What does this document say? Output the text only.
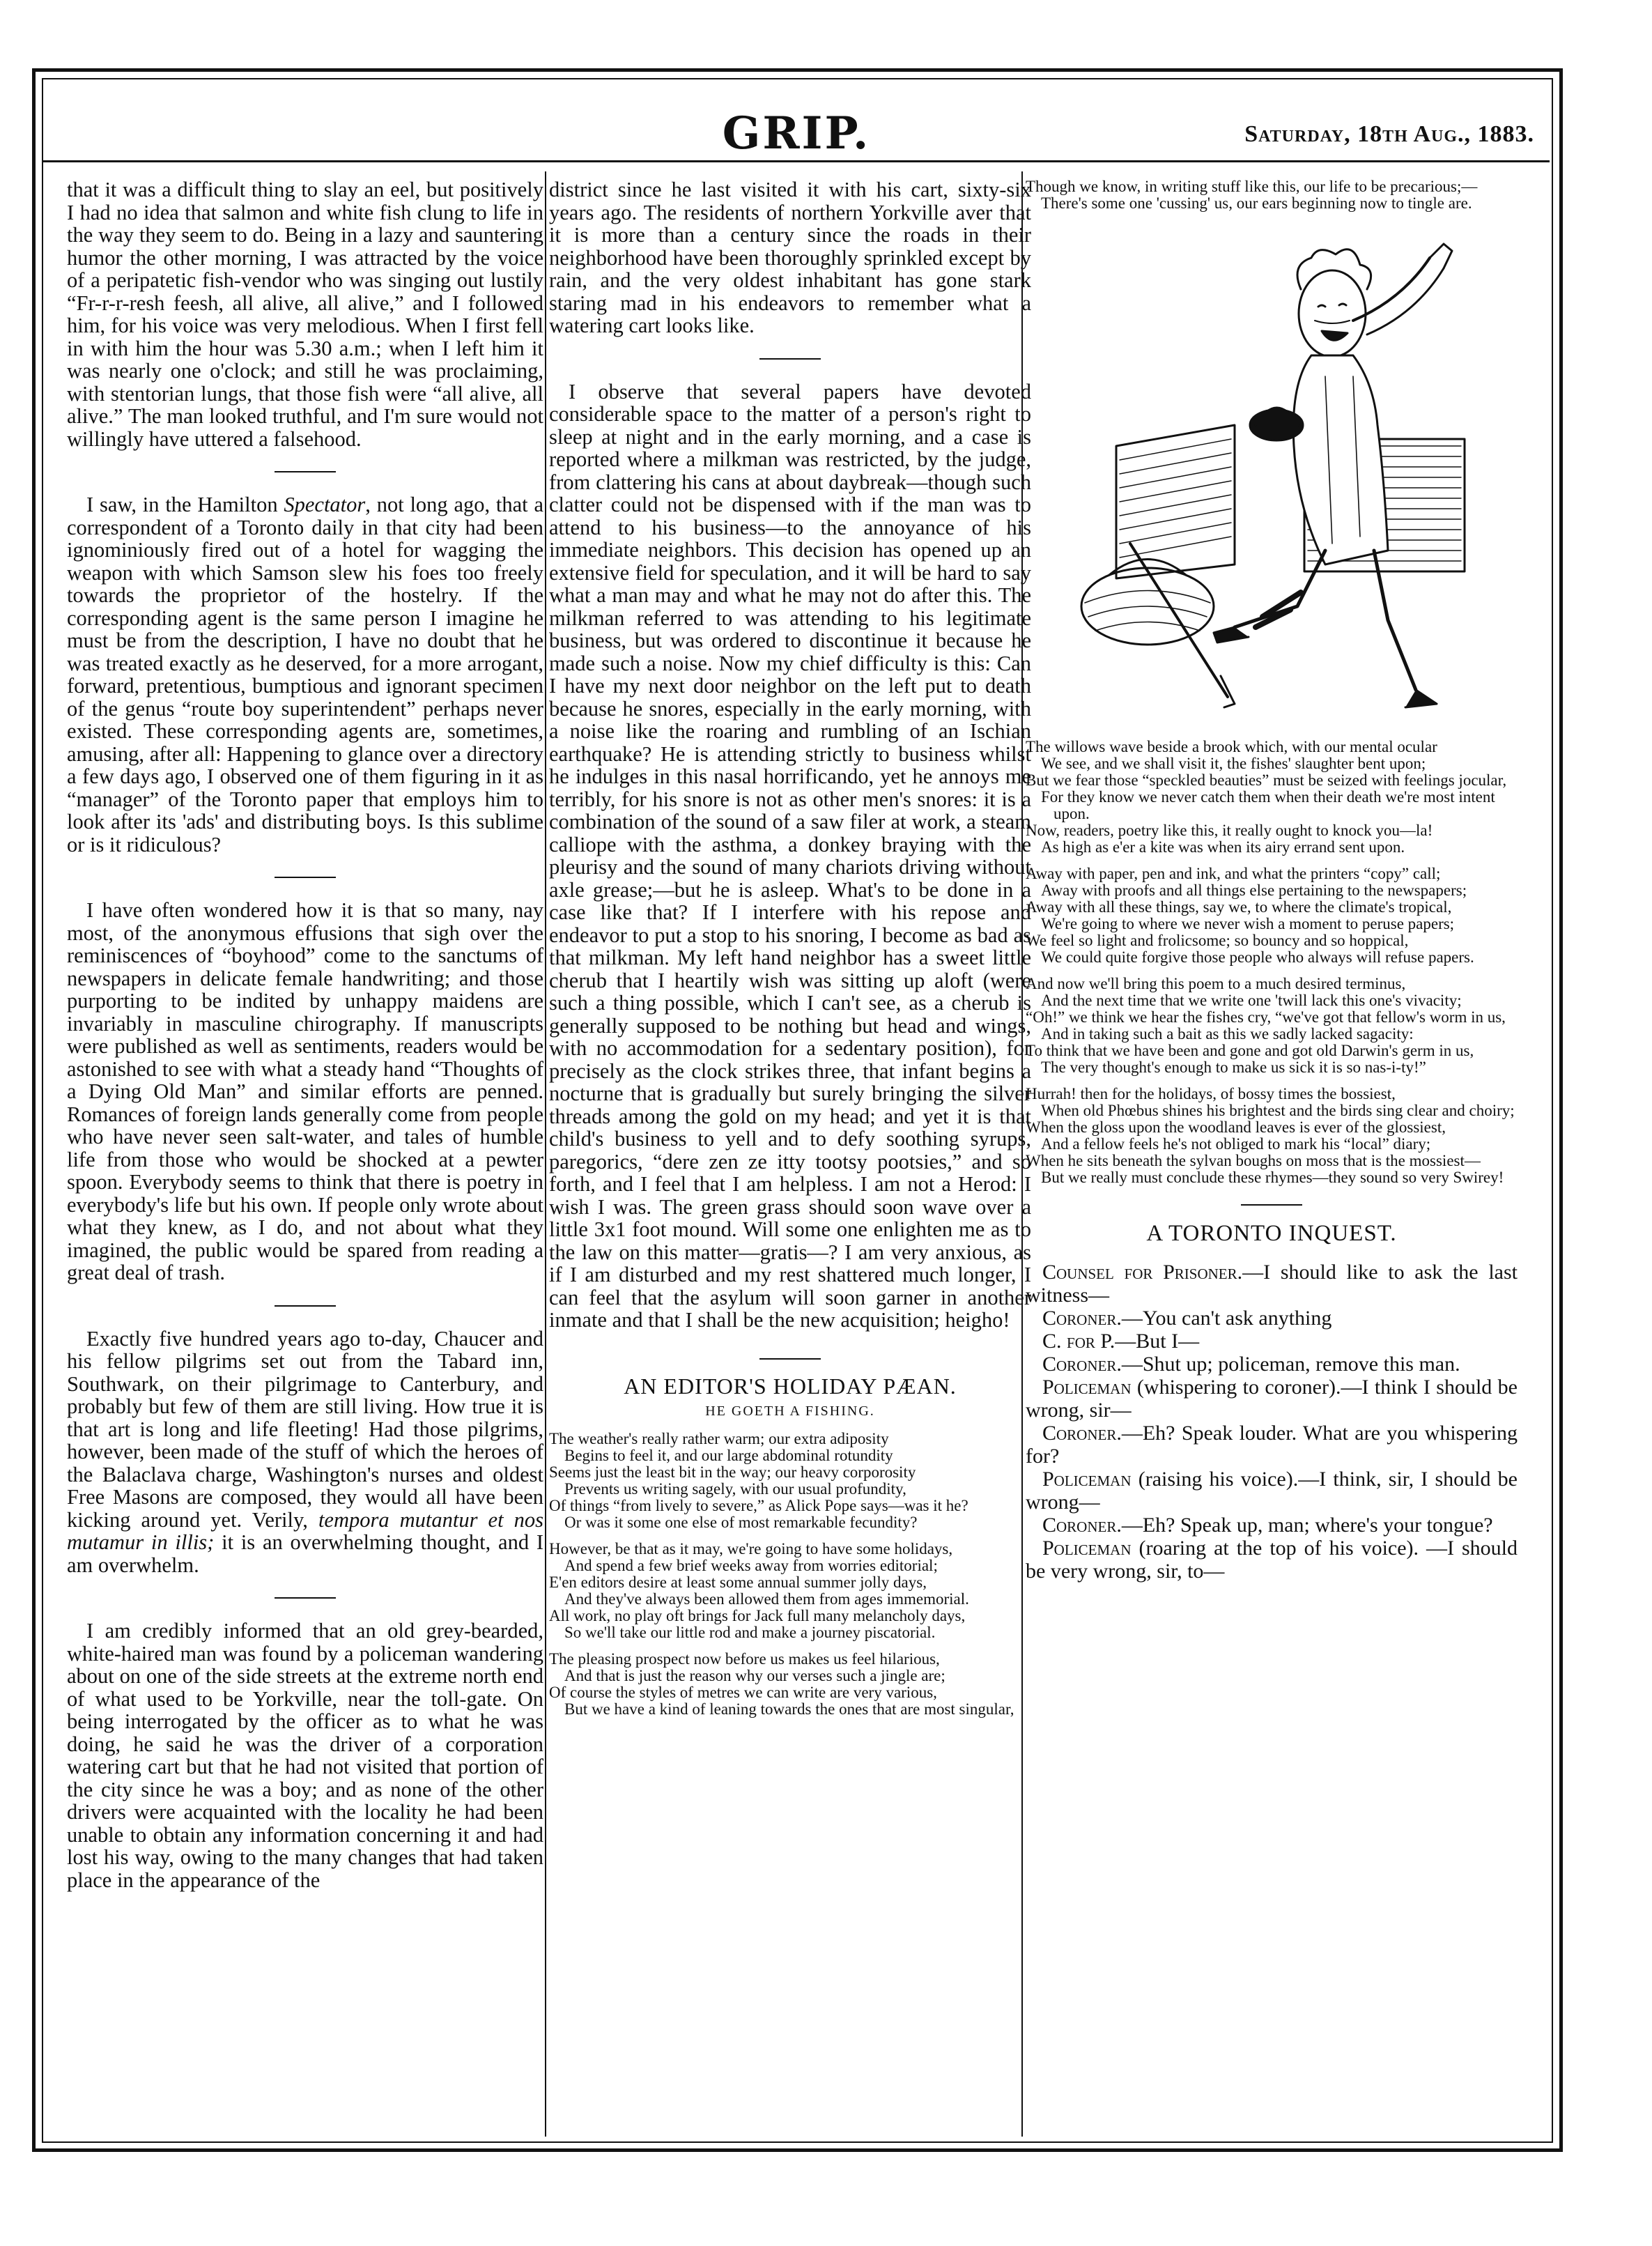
GRIP.	Saturday, 18th Aug., 1883.

that it was a difficult thing to slay an eel, but positively I had no idea that salmon and white fish clung to life in the way they seem to do. Being in a lazy and sauntering humor the other morning, I was attracted by the voice of a peripatetic fish-vendor who was singing out lustily “Fr-r-r-resh feesh, all alive, all alive,” and I followed him, for his voice was very melodious. When I first fell in with him the hour was 5.30 a.m.; when I left him it was nearly one o'clock; and still he was proclaiming, with stentorian lungs, that those fish were “all alive, all alive.” The man looked truthful, and I'm sure would not willingly have uttered a falsehood.

I saw, in the Hamilton Spectator, not long ago, that a correspondent of a Toronto daily in that city had been ignominiously fired out of a hotel for wagging the weapon with which Samson slew his foes too freely towards the proprietor of the hostelry. If the corresponding agent is the same person I imagine he must be from the description, I have no doubt that he was treated exactly as he deserved, for a more arrogant, forward, pretentious, bumptious and ignorant specimen of the genus “route boy superintendent” perhaps never existed. These corresponding agents are, sometimes, amusing, after all: Happening to glance over a directory a few days ago, I observed one of them figuring in it as “manager” of the Toronto paper that employs him to look after its 'ads' and distributing boys. Is this sublime or is it ridiculous?

I have often wondered how it is that so many, nay most, of the anonymous effusions that sigh over the reminiscences of “boyhood” come to the sanctums of newspapers in delicate female handwriting; and those purporting to be indited by unhappy maidens are invariably in masculine chirography. If manuscripts were published as well as sentiments, readers would be astonished to see with what a steady hand “Thoughts of a Dying Old Man” and similar efforts are penned. Romances of foreign lands generally come from people who have never seen salt-water, and tales of humble life from those who would be shocked at a pewter spoon. Everybody seems to think that there is poetry in everybody's life but his own. If people only wrote about what they knew, as I do, and not about what they imagined, the public would be spared from reading a great deal of trash.

Exactly five hundred years ago to-day, Chaucer and his fellow pilgrims set out from the Tabard inn, Southwark, on their pilgrimage to Canterbury, and probably but few of them are still living. How true it is that art is long and life fleeting! Had those pilgrims, however, been made of the stuff of which the heroes of the Balaclava charge, Washington's nurses and oldest Free Masons are composed, they would all have been kicking around yet. Verily, tempora mutantur et nos mutamur in illis; it is an overwhelming thought, and I am overwhelm.

I am credibly informed that an old grey-bearded, white-haired man was found by a policeman wandering about on one of the side streets at the extreme north end of what used to be Yorkville, near the toll-gate. On being interrogated by the officer as to what he was doing, he said he was the driver of a corporation watering cart but that he had not visited that portion of the city since he was a boy; and as none of the other drivers were acquainted with the locality he had been unable to obtain any information concerning it and had lost his way, owing to the many changes that had taken place in the appearance of the

district since he last visited it with his cart, sixty-six years ago. The residents of northern Yorkville aver that it is more than a century since the roads in their neighborhood have been thoroughly sprinkled except by rain, and the very oldest inhabitant has gone stark staring mad in his endeavors to remember what a watering cart looks like.

I observe that several papers have devoted considerable space to the matter of a person's right to sleep at night and in the early morning, and a case is reported where a milkman was restricted, by the judge, from clattering his cans at about daybreak—though such clatter could not be dispensed with if the man was to attend to his business—to the annoyance of his immediate neighbors. This decision has opened up an extensive field for speculation, and it will be hard to say what a man may and what he may not do after this. The milkman referred to was attending to his legitimate business, but was ordered to discontinue it because he made such a noise. Now my chief difficulty is this: Can I have my next door neighbor on the left put to death because he snores, especially in the early morning, with a noise like the roaring and rumbling of an Ischian earthquake? He is attending strictly to business whilst he indulges in this nasal horrificando, yet he annoys me terribly, for his snore is not as other men's snores: it is a combination of the sound of a saw filer at work, a steam calliope with the asthma, a donkey braying with the pleurisy and the sound of many chariots driving without axle grease;—but he is asleep. What's to be done in a case like that? If I interfere with his repose and endeavor to put a stop to his snoring, I become as bad as that milkman. My left hand neighbor has a sweet little cherub that I heartily wish was sitting up aloft (were such a thing possible, which I can't see, as a cherub is generally supposed to be nothing but head and wings, with no accommodation for a sedentary position), for precisely as the clock strikes three, that infant begins a nocturne that is gradually but surely bringing the silver threads among the gold on my head; and yet it is that child's business to yell and to defy soothing syrups, paregorics, “dere zen ze itty tootsy pootsies,” and so forth, and I feel that I am helpless. I am not a Herod: I wish I was. The green grass should soon wave over a little 3x1 foot mound. Will some one enlighten me as to the law on this matter—gratis—? I am very anxious, as if I am disturbed and my rest shattered much longer, I can feel that the asylum will soon garner in another inmate and that I shall be the new acquisition; heigho!

AN EDITOR'S HOLIDAY PÆAN.
HE GOETH A FISHING.
The weather's really rather warm; our extra adiposity
Begins to feel it, and our large abdominal rotundity
Seems just the least bit in the way; our heavy corporosity
Prevents us writing sagely, with our usual profundity,
Of things “from lively to severe,” as Alick Pope says—was it he?
Or was it some one else of most remarkable fecundity?
However, be that as it may, we're going to have some holidays,
And spend a few brief weeks away from worries editorial;
E'en editors desire at least some annual summer jolly days,
And they've always been allowed them from ages immemorial.
All work, no play oft brings for Jack full many melancholy days,
So we'll take our little rod and make a journey piscatorial.
The pleasing prospect now before us makes us feel hilarious,
And that is just the reason why our verses such a jingle are;
Of course the styles of metres we can write are very various,
But we have a kind of leaning towards the ones that are most singular,
Though we know, in writing stuff like this, our life to be precarious;—
There's some one 'cussing' us, our ears beginning now to tingle are.
The willows wave beside a brook which, with our mental ocular
We see, and we shall visit it, the fishes' slaughter bent upon;
But we fear those “speckled beauties” must be seized with feelings jocular,
For they know we never catch them when their death we're most intent upon.
Now, readers, poetry like this, it really ought to knock you—la!
As high as e'er a kite was when its airy errand sent upon.
Away with paper, pen and ink, and what the printers “copy” call;
Away with proofs and all things else pertaining to the newspapers;
Away with all these things, say we, to where the climate's tropical,
We're going to where we never wish a moment to peruse papers;
We feel so light and frolicsome; so bouncy and so hoppical,
We could quite forgive those people who always will refuse papers.
And now we'll bring this poem to a much desired terminus,
And the next time that we write one 'twill lack this one's vivacity;
“Oh!” we think we hear the fishes cry, “we've got that fellow's worm in us,
And in taking such a bait as this we sadly lacked sagacity:
To think that we have been and gone and got old Darwin's germ in us,
The very thought's enough to make us sick it is so nas-i-ty!”
Hurrah! then for the holidays, of bossy times the bossiest,
When old Phœbus shines his brightest and the birds sing clear and choiry;
When the gloss upon the woodland leaves is ever of the glossiest,
And a fellow feels he's not obliged to mark his “local” diary;
When he sits beneath the sylvan boughs on moss that is the mossiest—
But we really must conclude these rhymes—they sound so very Swirey!
A TORONTO INQUEST.

Counsel for Prisoner.—I should like to ask the last witness—

Coroner.—You can't ask anything

C. for P.—But I—

Coroner.—Shut up; policeman, remove this man.

Policeman (whispering to coroner).—I think I should be wrong, sir—

Coroner.—Eh? Speak louder. What are you whispering for?

Policeman (raising his voice).—I think, sir, I should be wrong—

Coroner.—Eh? Speak up, man; where's your tongue?

Policeman (roaring at the top of his voice). —I should be very wrong, sir, to—
